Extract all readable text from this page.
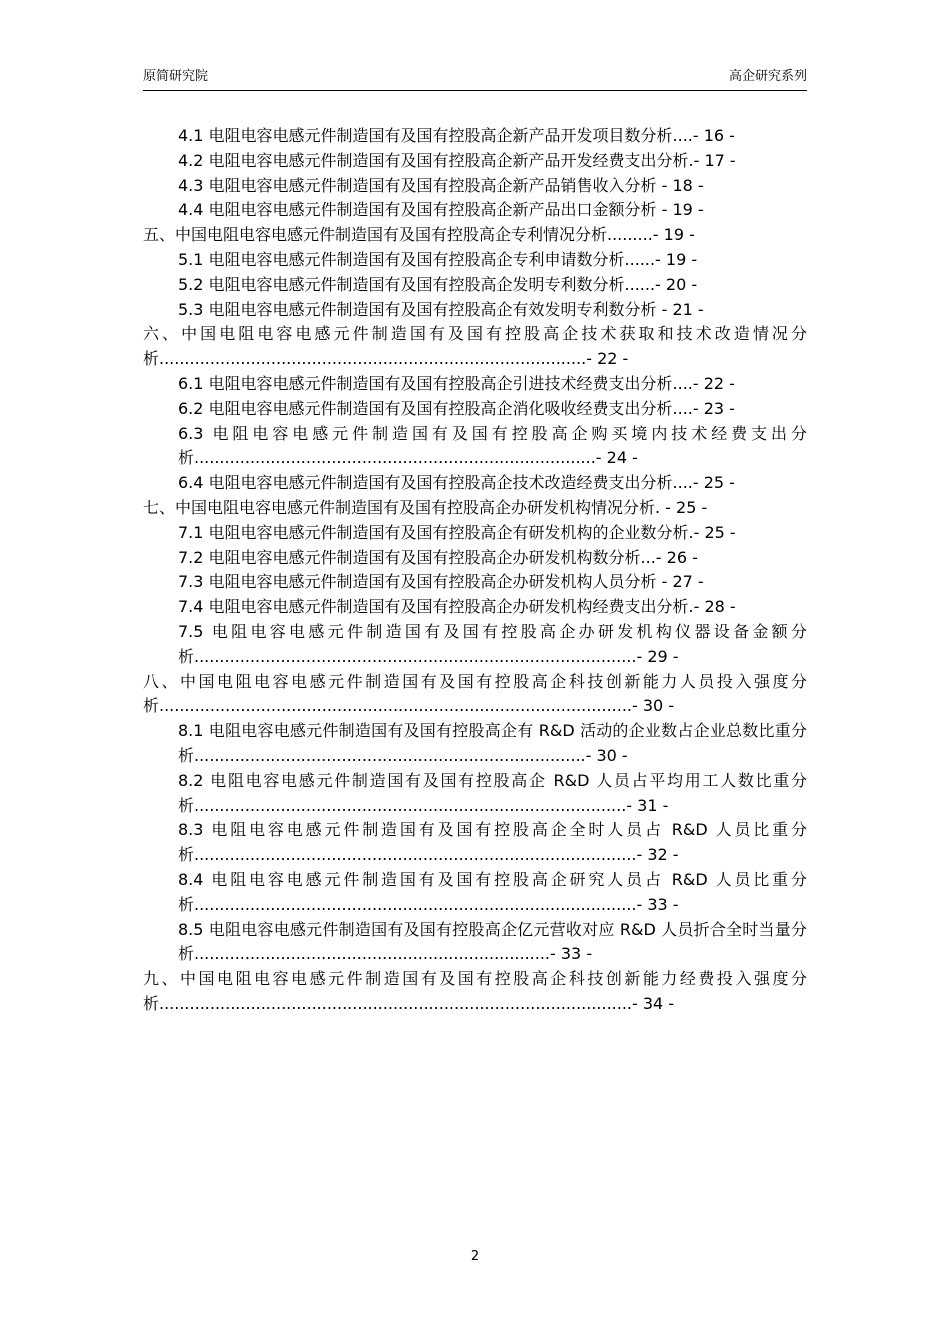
原简研究院	高企研究系列

4.1 电阻电容电感元件制造国有及国有控股高企新产品开发项目数分析....- 16 -

4.2 电阻电容电感元件制造国有及国有控股高企新产品开发经费支出分析.- 17 -

4.3 电阻电容电感元件制造国有及国有控股高企新产品销售收入分析 - 18 -

4.4 电阻电容电感元件制造国有及国有控股高企新产品出口金额分析 - 19 -

五、中国电阻电容电感元件制造国有及国有控股高企专利情况分析.........- 19 -

5.1 电阻电容电感元件制造国有及国有控股高企专利申请数分析......- 19 -

5.2 电阻电容电感元件制造国有及国有控股高企发明专利数分析......- 20 -

5.3 电阻电容电感元件制造国有及国有控股高企有效发明专利数分析 - 21 -

六、中国电阻电容电感元件制造国有及国有控股高企技术获取和技术改造情况分析....................................................................................- 22 -

6.1 电阻电容电感元件制造国有及国有控股高企引进技术经费支出分析....- 22 -

6.2 电阻电容电感元件制造国有及国有控股高企消化吸收经费支出分析....- 23 -

6.3 电阻电容电感元件制造国有及国有控股高企购买境内技术经费支出分析...............................................................................- 24 -

6.4 电阻电容电感元件制造国有及国有控股高企技术改造经费支出分析....- 25 -

七、中国电阻电容电感元件制造国有及国有控股高企办研发机构情况分析. - 25 -

7.1 电阻电容电感元件制造国有及国有控股高企有研发机构的企业数分析.- 25 -

7.2 电阻电容电感元件制造国有及国有控股高企办研发机构数分析...- 26 -

7.3 电阻电容电感元件制造国有及国有控股高企办研发机构人员分析 - 27 -

7.4 电阻电容电感元件制造国有及国有控股高企办研发机构经费支出分析.- 28 -

7.5 电阻电容电感元件制造国有及国有控股高企办研发机构仪器设备金额分析.......................................................................................- 29 -

八、中国电阻电容电感元件制造国有及国有控股高企科技创新能力人员投入强度分析.............................................................................................- 30 -

8.1 电阻电容电感元件制造国有及国有控股高企有 R&D 活动的企业数占企业总数比重分析.............................................................................- 30 -

8.2 电阻电容电感元件制造国有及国有控股高企 R&D 人员占平均用工人数比重分析.....................................................................................- 31 -

8.3 电阻电容电感元件制造国有及国有控股高企全时人员占 R&D 人员比重分析.......................................................................................- 32 -

8.4 电阻电容电感元件制造国有及国有控股高企研究人员占 R&D 人员比重分析.......................................................................................- 33 -

8.5 电阻电容电感元件制造国有及国有控股高企亿元营收对应 R&D 人员折合全时当量分析......................................................................- 33 -

九、中国电阻电容电感元件制造国有及国有控股高企科技创新能力经费投入强度分析.............................................................................................- 34 -

2
